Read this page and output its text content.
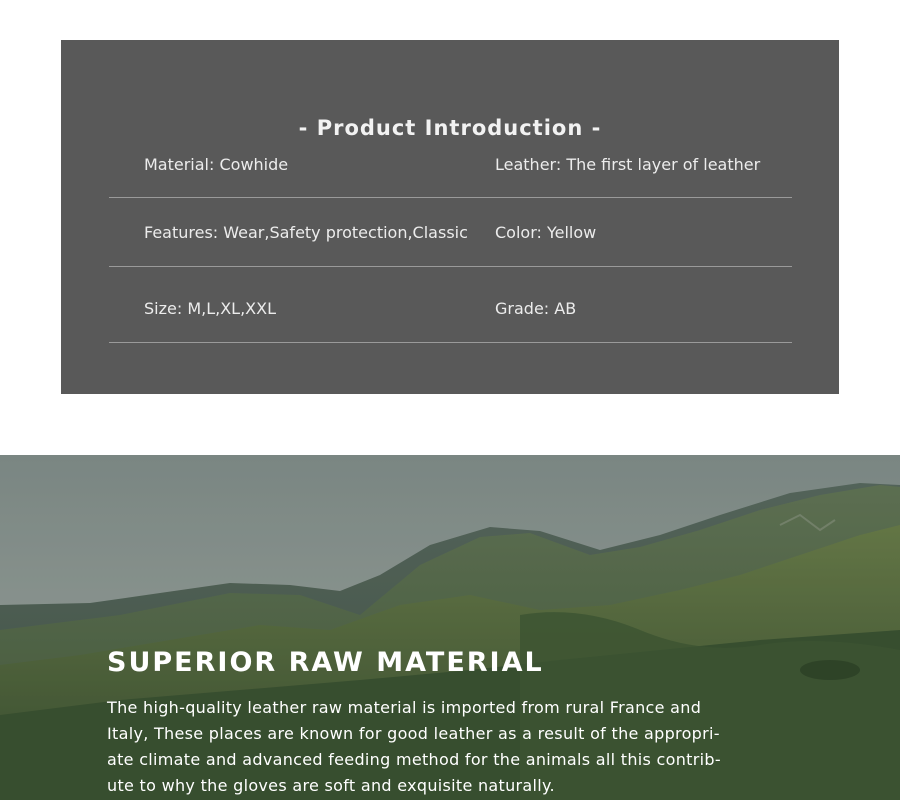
- Product Introduction -
Material: Cowhide	Leather: The first layer of leather
Features: Wear,Safety protection,Classic Color: Yellow
Size: M,L,XL,XXL	Grade: AB
SUPERIOR RAW MATERIAL

The high-quality leather raw material is imported from rural France and
Italy, These places are known for good leather as a result of the appropri-
ate climate and advanced feeding method for the animals all this contrib-
ute to why the gloves are soft and exquisite naturally.
